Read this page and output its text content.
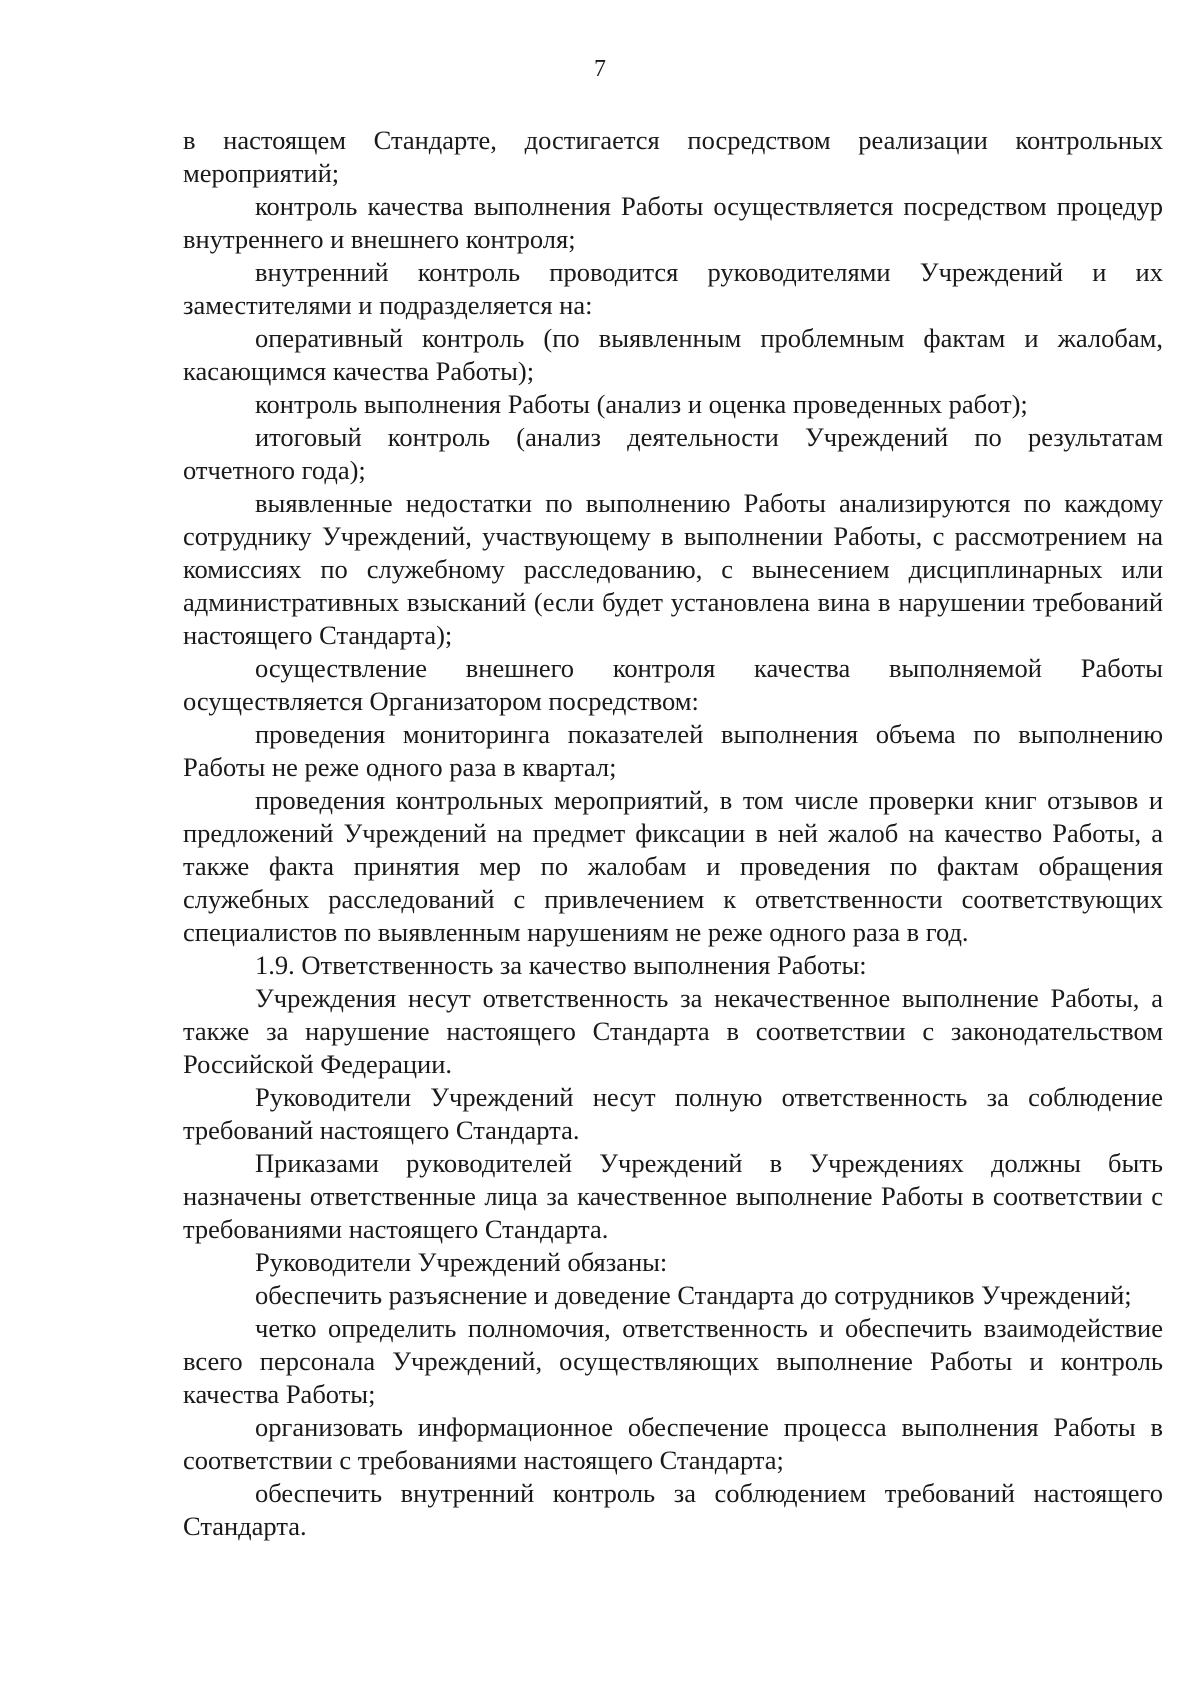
7

в настоящем Стандарте, достигается посредством реализации контрольных мероприятий;

контроль качества выполнения Работы осуществляется посредством процедур внутреннего и внешнего контроля;

внутренний контроль проводится руководителями Учреждений и их заместителями и подразделяется на:

оперативный контроль (по выявленным проблемным фактам и жалобам, касающимся качества Работы);

контроль выполнения Работы (анализ и оценка проведенных работ);

итоговый контроль (анализ деятельности Учреждений по результатам отчетного года);

выявленные недостатки по выполнению Работы анализируются по каждому сотруднику Учреждений, участвующему в выполнении Работы, с рассмотрением на комиссиях по служебному расследованию, с вынесением дисциплинарных или административных взысканий (если будет установлена вина в нарушении требований настоящего Стандарта);

осуществление внешнего контроля качества выполняемой Работы осуществляется Организатором посредством:

проведения мониторинга показателей выполнения объема по выполнению Работы не реже одного раза в квартал;

проведения контрольных мероприятий, в том числе проверки книг отзывов и предложений Учреждений на предмет фиксации в ней жалоб на качество Работы, а также факта принятия мер по жалобам и проведения по фактам обращения служебных расследований с привлечением к ответственности соответствующих специалистов по выявленным нарушениям не реже одного раза в год.

1.9. Ответственность за качество выполнения Работы:

Учреждения несут ответственность за некачественное выполнение Работы, а также за нарушение настоящего Стандарта в соответствии с законодательством Российской Федерации.

Руководители Учреждений несут полную ответственность за соблюдение требований настоящего Стандарта.

Приказами руководителей Учреждений в Учреждениях должны быть назначены ответственные лица за качественное выполнение Работы в соответствии с требованиями настоящего Стандарта.

Руководители Учреждений обязаны:

обеспечить разъяснение и доведение Стандарта до сотрудников Учреждений;

четко определить полномочия, ответственность и обеспечить взаимодействие всего персонала Учреждений, осуществляющих выполнение Работы и контроль качества Работы;

организовать информационное обеспечение процесса выполнения Работы в соответствии с требованиями настоящего Стандарта;

обеспечить внутренний контроль за соблюдением требований настоящего Стандарта.
